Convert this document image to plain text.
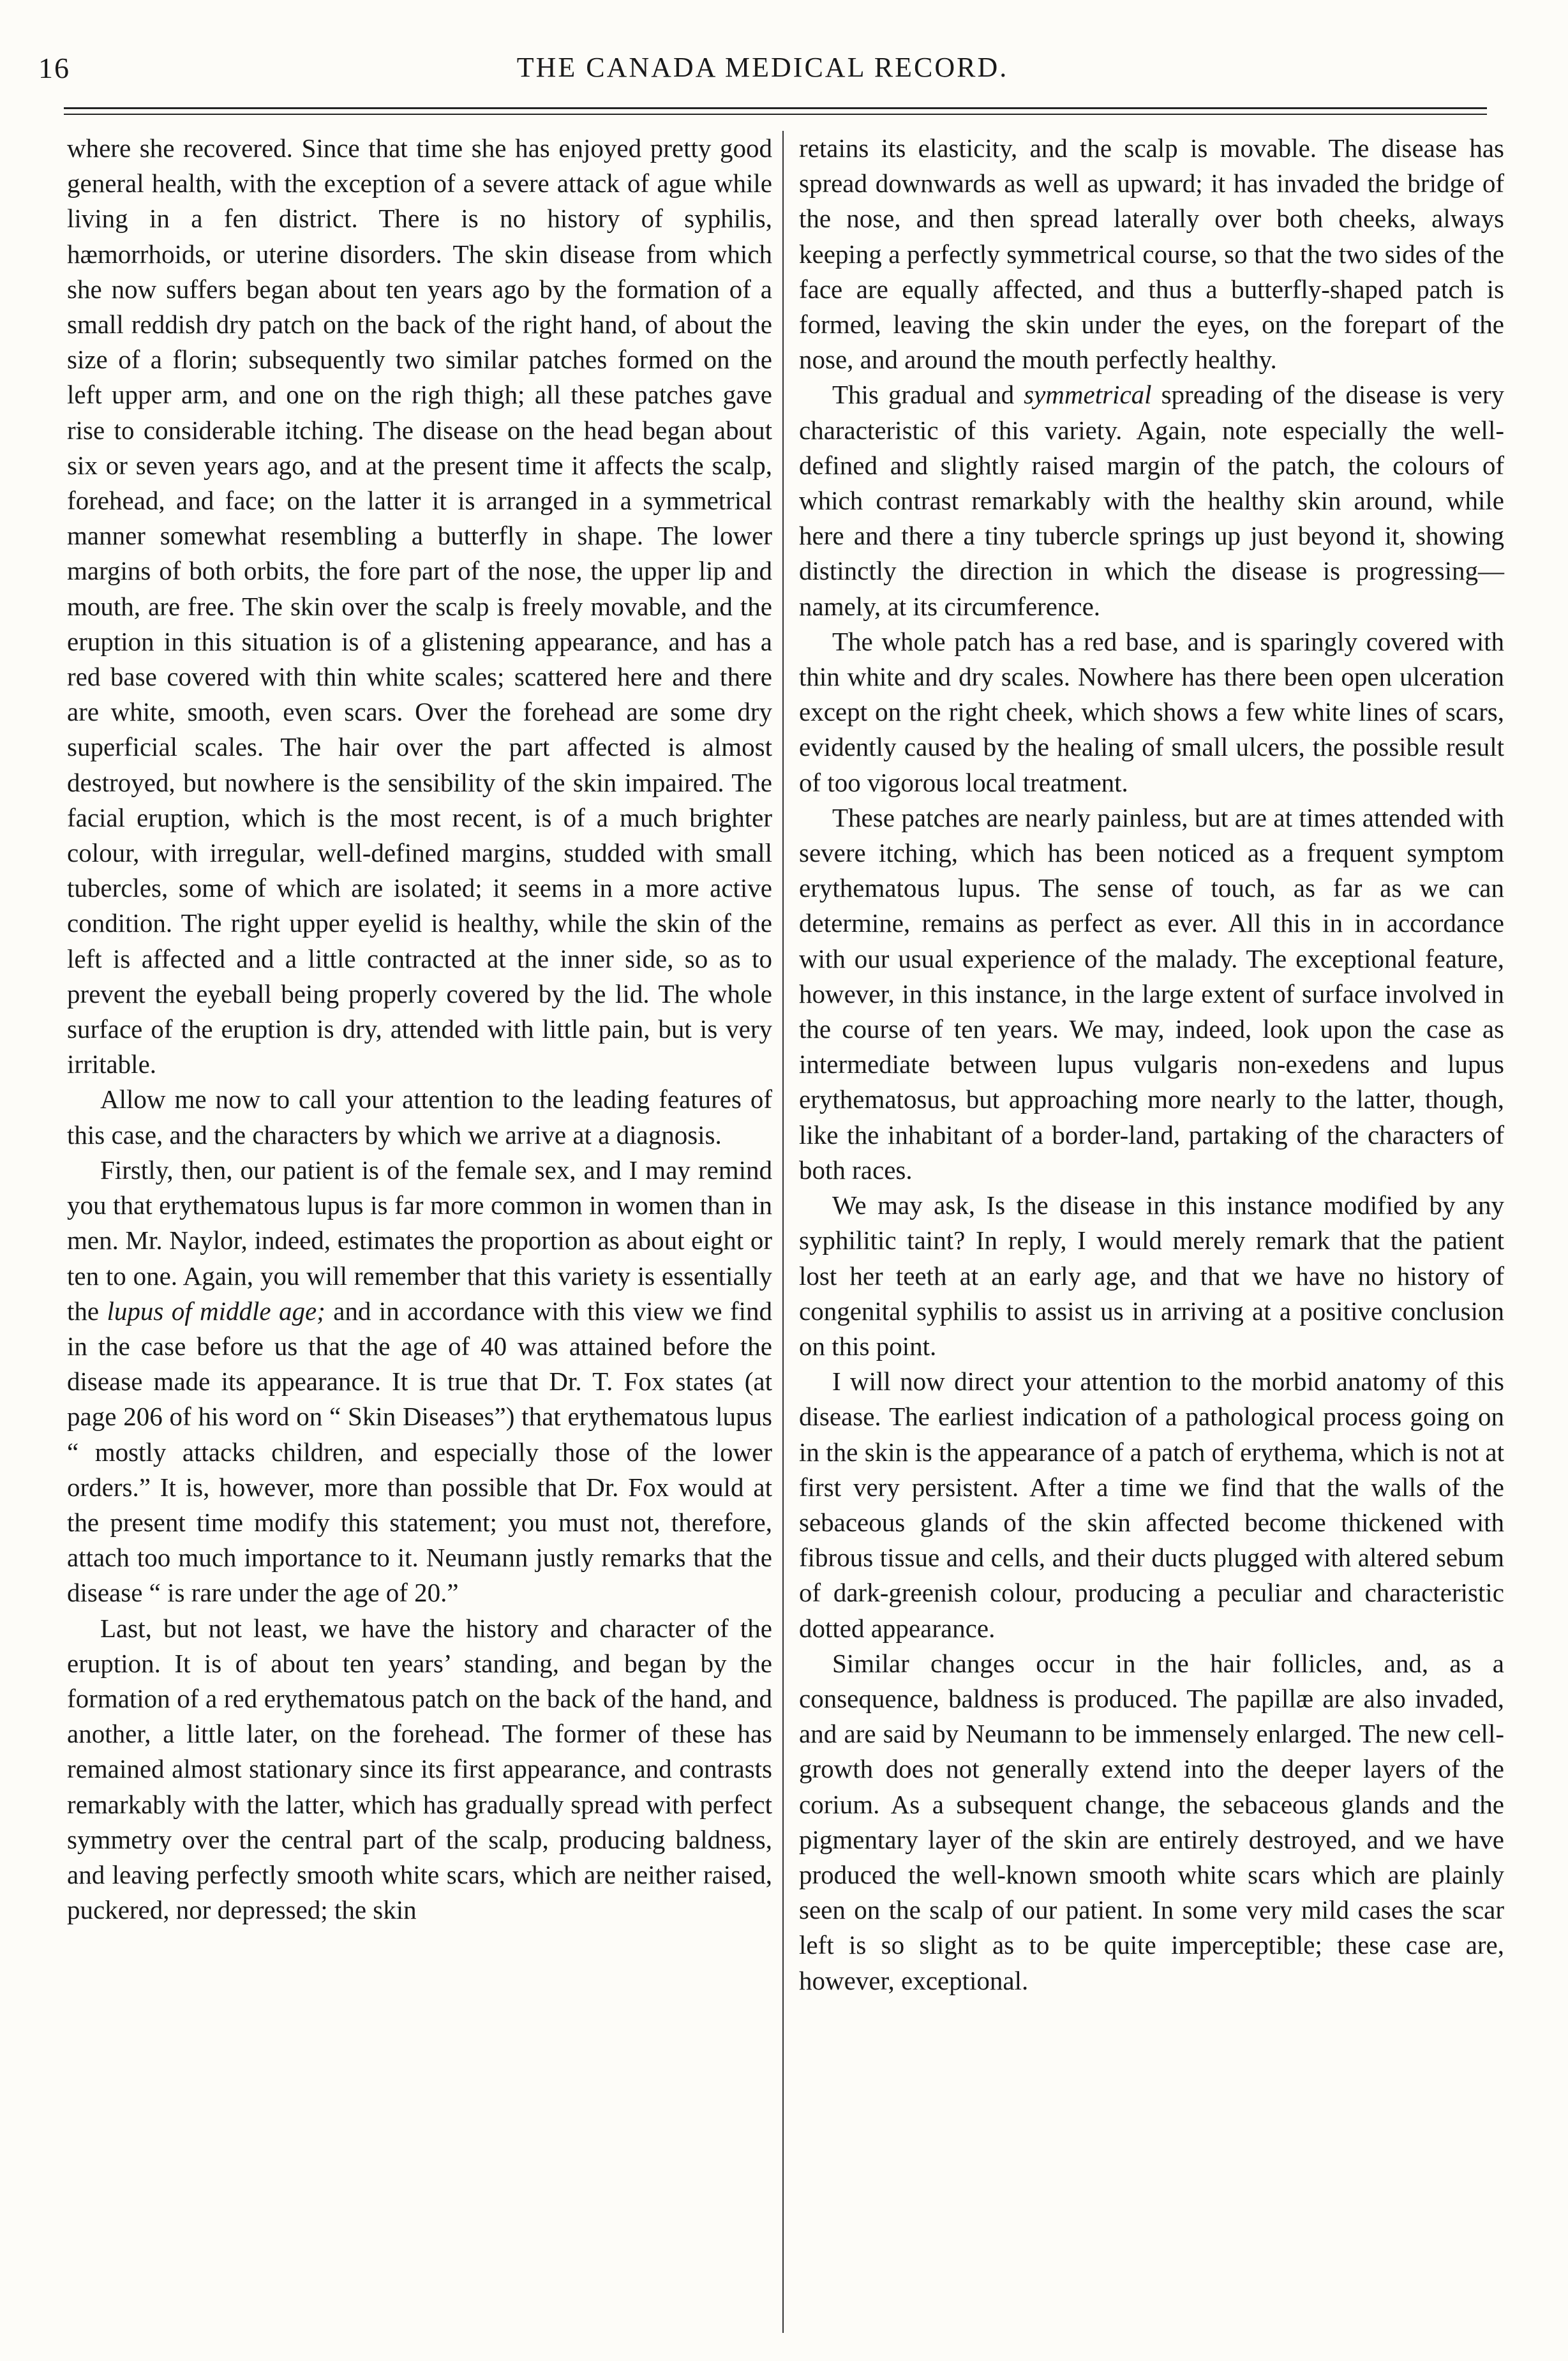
16	THE CANADA MEDICAL RECORD.

where she recovered. Since that time she has enjoyed pretty good general health, with the exception of a severe attack of ague while living in a fen district. There is no history of syphilis, hæmorrhoids, or uterine disorders. The skin disease from which she now suffers began about ten years ago by the formation of a small reddish dry patch on the back of the right hand, of about the size of a florin; subsequently two similar patches formed on the left upper arm, and one on the righ thigh; all these patches gave rise to considerable itching. The disease on the head began about six or seven years ago, and at the present time it affects the scalp, forehead, and face; on the latter it is arranged in a symmetrical manner somewhat resembling a butterfly in shape. The lower margins of both orbits, the fore part of the nose, the upper lip and mouth, are free. The skin over the scalp is freely movable, and the eruption in this situation is of a glistening appearance, and has a red base covered with thin white scales; scattered here and there are white, smooth, even scars. Over the forehead are some dry superficial scales. The hair over the part affected is almost destroyed, but nowhere is the sensibility of the skin impaired. The facial eruption, which is the most recent, is of a much brighter colour, with irregular, well-defined margins, studded with small tubercles, some of which are isolated; it seems in a more active condition. The right upper eyelid is healthy, while the skin of the left is affected and a little contracted at the inner side, so as to prevent the eyeball being properly covered by the lid. The whole surface of the eruption is dry, attended with little pain, but is very irritable.

Allow me now to call your attention to the leading features of this case, and the characters by which we arrive at a diagnosis.

Firstly, then, our patient is of the female sex, and I may remind you that erythematous lupus is far more common in women than in men. Mr. Naylor, indeed, estimates the proportion as about eight or ten to one. Again, you will remember that this variety is essentially the lupus of middle age; and in accordance with this view we find in the case before us that the age of 40 was attained before the disease made its appearance. It is true that Dr. T. Fox states (at page 206 of his word on “ Skin Diseases”) that erythematous lupus “ mostly attacks children, and especially those of the lower orders.” It is, however, more than possible that Dr. Fox would at the present time modify this statement; you must not, therefore, attach too much importance to it. Neumann justly remarks that the disease “ is rare under the age of 20.”

Last, but not least, we have the history and character of the eruption. It is of about ten years’ standing, and began by the formation of a red erythematous patch on the back of the hand, and another, a little later, on the forehead. The former of these has remained almost stationary since its first appearance, and contrasts remarkably with the latter, which has gradually spread with perfect symmetry over the central part of the scalp, producing baldness, and leaving perfectly smooth white scars, which are neither raised, puckered, nor depressed; the skin

retains its elasticity, and the scalp is movable. The disease has spread downwards as well as upward; it has invaded the bridge of the nose, and then spread laterally over both cheeks, always keeping a perfectly symmetrical course, so that the two sides of the face are equally affected, and thus a butterfly-shaped patch is formed, leaving the skin under the eyes, on the forepart of the nose, and around the mouth perfectly healthy.

This gradual and symmetrical spreading of the disease is very characteristic of this variety. Again, note especially the well-defined and slightly raised margin of the patch, the colours of which contrast remarkably with the healthy skin around, while here and there a tiny tubercle springs up just beyond it, showing distinctly the direction in which the disease is progressing—namely, at its circumference.

The whole patch has a red base, and is sparingly covered with thin white and dry scales. Nowhere has there been open ulceration except on the right cheek, which shows a few white lines of scars, evidently caused by the healing of small ulcers, the possible result of too vigorous local treatment.

These patches are nearly painless, but are at times attended with severe itching, which has been noticed as a frequent symptom erythematous lupus. The sense of touch, as far as we can determine, remains as perfect as ever. All this in in accordance with our usual experience of the malady. The exceptional feature, however, in this instance, in the large extent of surface involved in the course of ten years. We may, indeed, look upon the case as intermediate between lupus vulgaris non-exedens and lupus erythematosus, but approaching more nearly to the latter, though, like the inhabitant of a border-land, partaking of the characters of both races.

We may ask, Is the disease in this instance modified by any syphilitic taint? In reply, I would merely remark that the patient lost her teeth at an early age, and that we have no history of congenital syphilis to assist us in arriving at a positive conclusion on this point.

I will now direct your attention to the morbid anatomy of this disease. The earliest indication of a pathological process going on in the skin is the appearance of a patch of erythema, which is not at first very persistent. After a time we find that the walls of the sebaceous glands of the skin affected become thickened with fibrous tissue and cells, and their ducts plugged with altered sebum of dark-greenish colour, producing a peculiar and characteristic dotted appearance.

Similar changes occur in the hair follicles, and, as a consequence, baldness is produced. The papillæ are also invaded, and are said by Neumann to be immensely enlarged. The new cell-growth does not generally extend into the deeper layers of the corium. As a subsequent change, the sebaceous glands and the pigmentary layer of the skin are entirely destroyed, and we have produced the well-known smooth white scars which are plainly seen on the scalp of our patient. In some very mild cases the scar left is so slight as to be quite imperceptible; these case are, however, exceptional.
